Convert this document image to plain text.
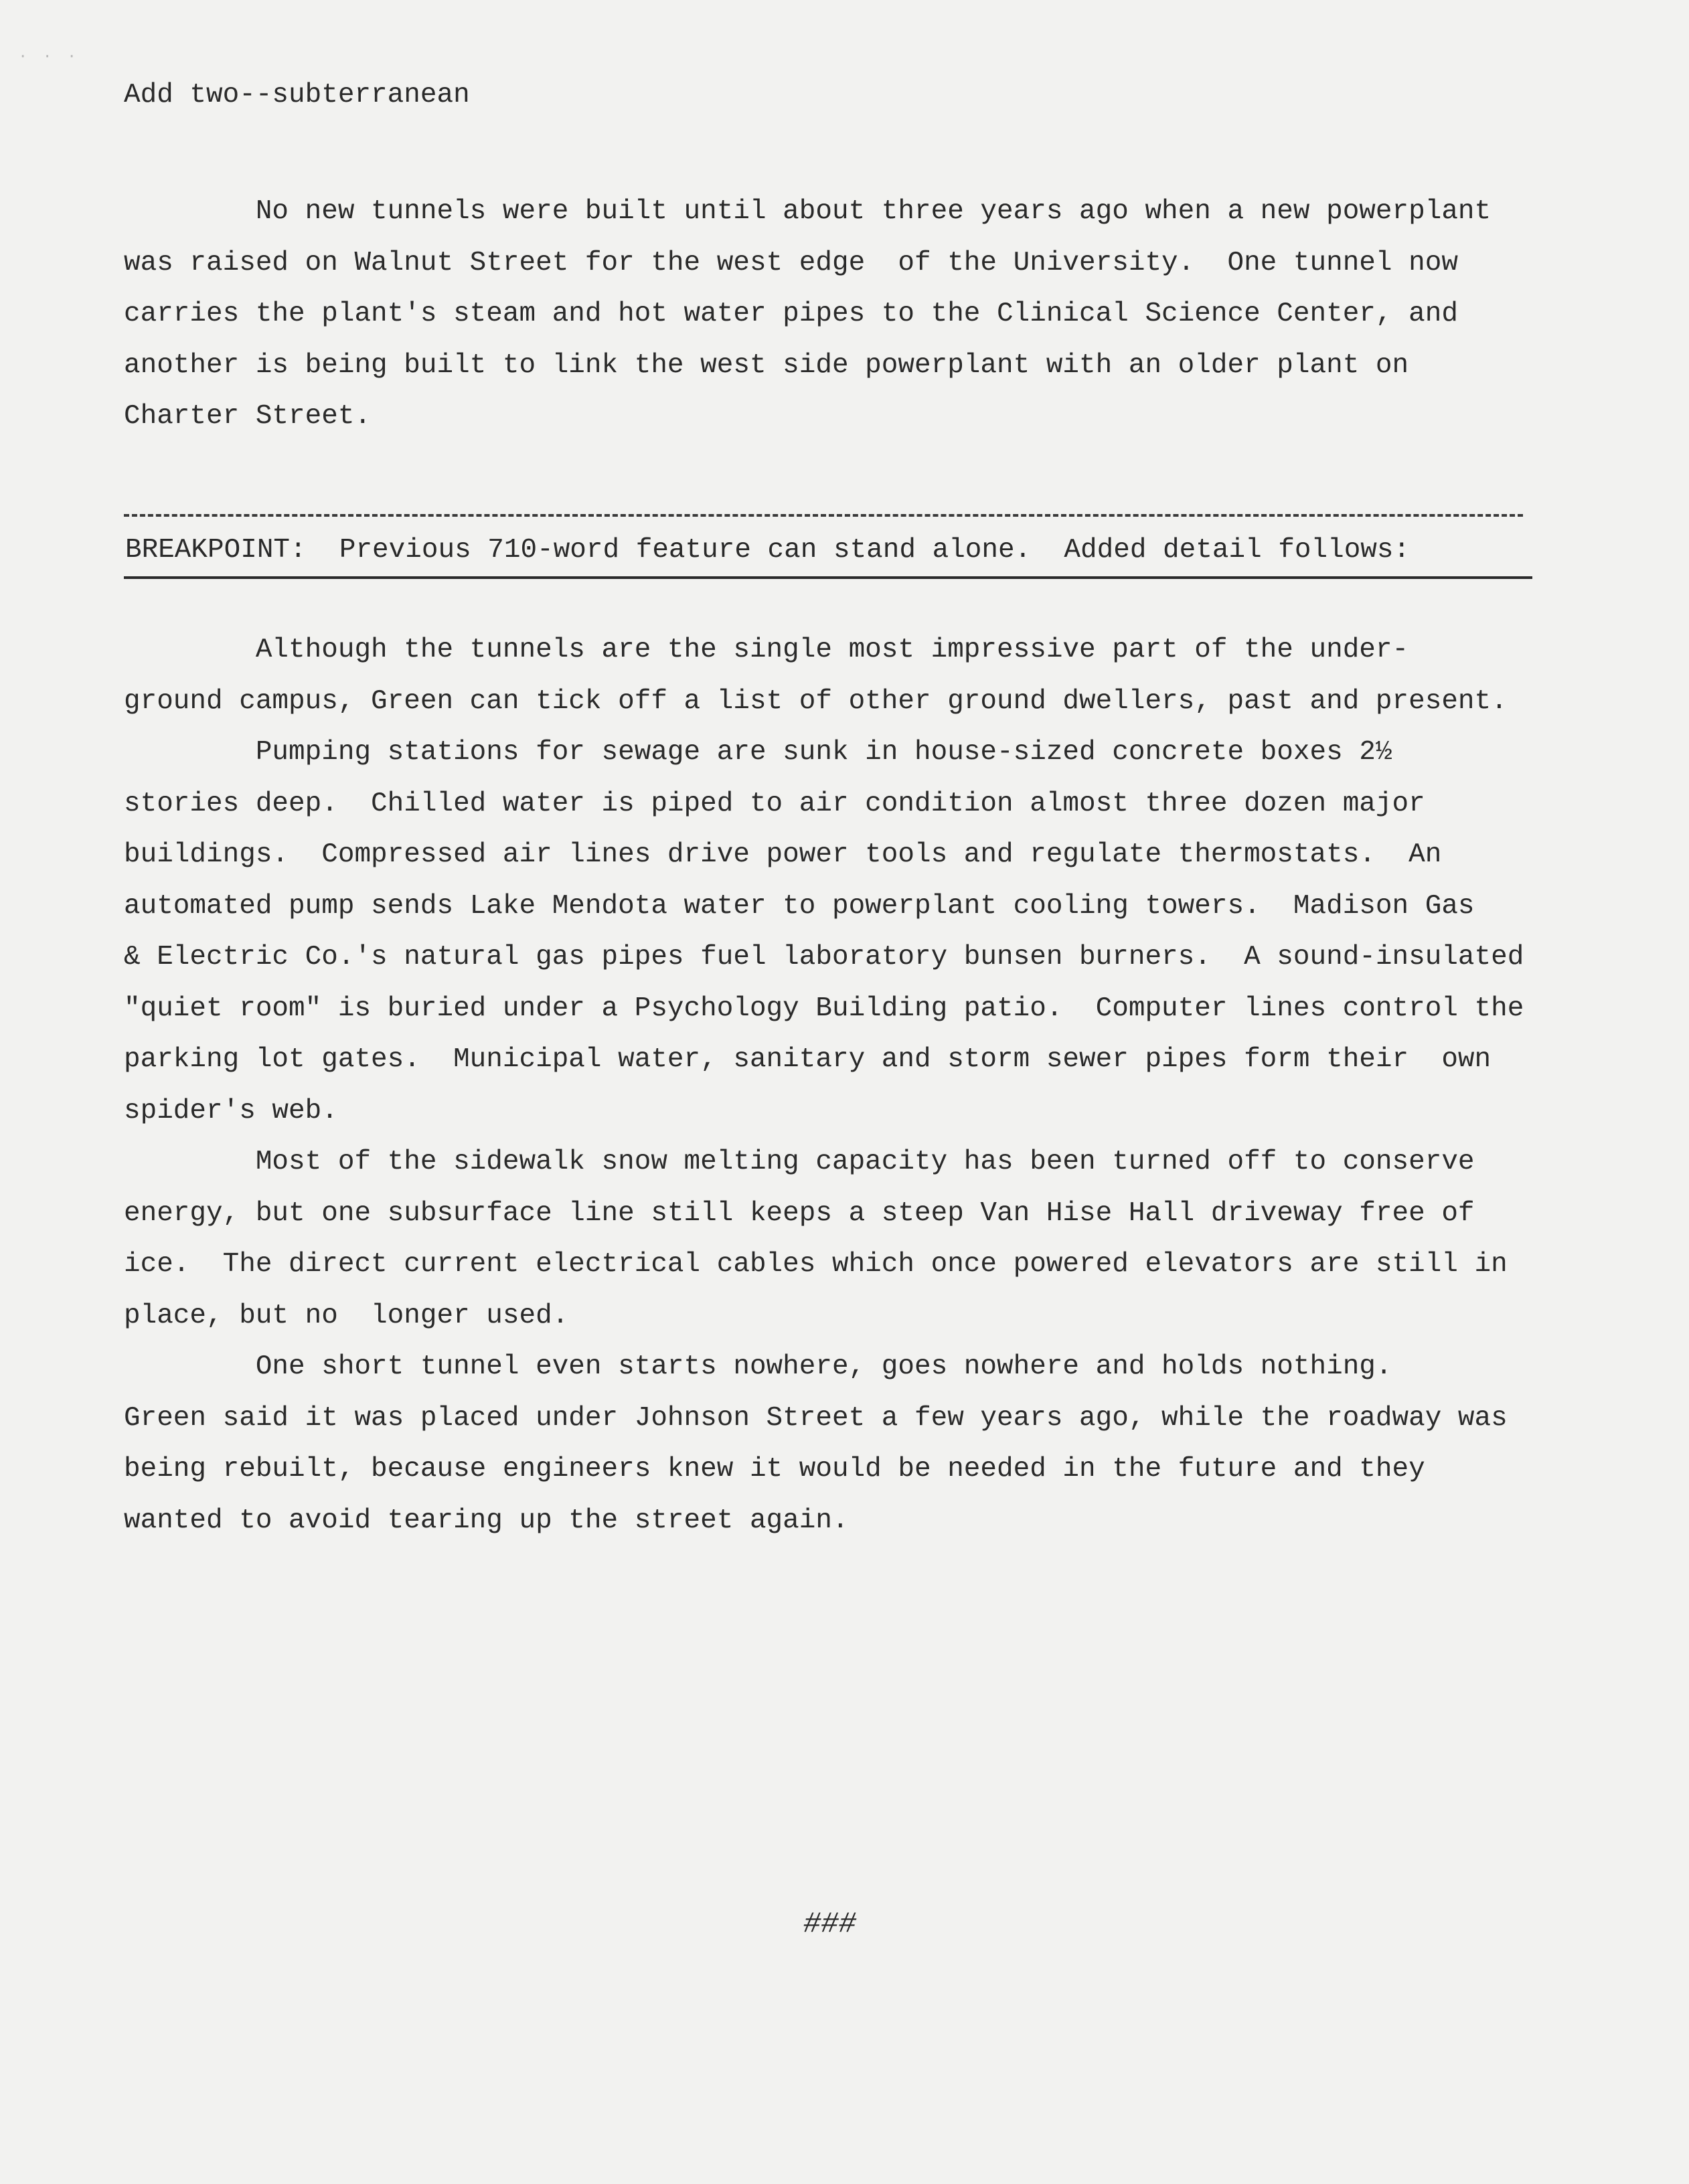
· · ·
Add two--subterranean
No new tunnels were built until about three years ago when a new powerplant
was raised on Walnut Street for the west edge  of the University.  One tunnel now
carries the plant's steam and hot water pipes to the Clinical Science Center, and
another is being built to link the west side powerplant with an older plant on
Charter Street.
BREAKPOINT:  Previous 710-word feature can stand alone.  Added detail follows:
Although the tunnels are the single most impressive part of the under-
ground campus, Green can tick off a list of other ground dwellers, past and present.
Pumping stations for sewage are sunk in house-sized concrete boxes 2½
stories deep.  Chilled water is piped to air condition almost three dozen major
buildings.  Compressed air lines drive power tools and regulate thermostats.  An
automated pump sends Lake Mendota water to powerplant cooling towers.  Madison Gas
& Electric Co.'s natural gas pipes fuel laboratory bunsen burners.  A sound-insulated
"quiet room" is buried under a Psychology Building patio.  Computer lines control the
parking lot gates.  Municipal water, sanitary and storm sewer pipes form their  own
spider's web.
Most of the sidewalk snow melting capacity has been turned off to conserve
energy, but one subsurface line still keeps a steep Van Hise Hall driveway free of
ice.  The direct current electrical cables which once powered elevators are still in
place, but no  longer used.
One short tunnel even starts nowhere, goes nowhere and holds nothing.
Green said it was placed under Johnson Street a few years ago, while the roadway was
being rebuilt, because engineers knew it would be needed in the future and they
wanted to avoid tearing up the street again.
###
